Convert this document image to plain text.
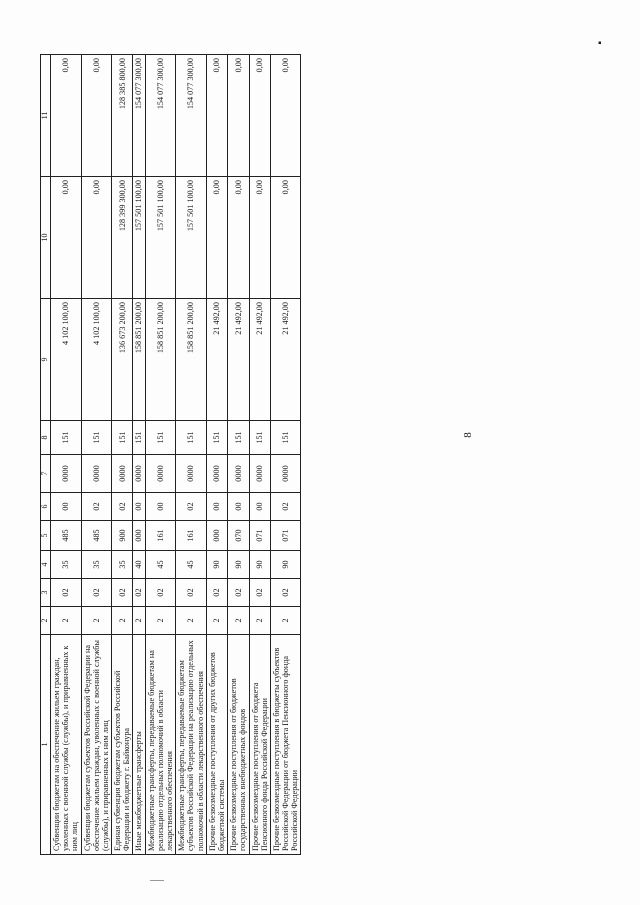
▪
1	2	3	4	5	6	7	8	9	10	11
Субвенции бюджетам на обеспечение жильем граждан, уволенных с военной службы (службы), и приравненных к ним лиц	2	02	35	485	00	0000	151	4 102 100,00	0,00	0,00
Субвенции бюджетам субъектов Российской Федерации на обеспечение жильем граждан, уволенных с военной службы (службы), и приравненных к ним лиц	2	02	35	485	02	0000	151	4 102 100,00	0,00	0,00
Единая субвенция бюджетам субъектов Российской Федерации и бюджету г. Байконура	2	02	35	900	02	0000	151	136 673 200,00	128 399 300,00	128 385 800,00
Иные межбюджетные трансферты	2	02	40	000	00	0000	151	158 851 200,00	157 501 100,00	154 077 300,00
Межбюджетные трансферты, передаваемые бюджетам на реализацию отдельных полномочий в области лекарственного обеспечения	2	02	45	161	00	0000	151	158 851 200,00	157 501 100,00	154 077 300,00
Межбюджетные трансферты, передаваемые бюджетам субъектов Российской Федерации на реализацию отдельных полномочий в области лекарственного обеспечения	2	02	45	161	02	0000	151	158 851 200,00	157 501 100,00	154 077 300,00
Прочие безвозмездные поступления от других бюджетов бюджетной системы	2	02	90	000	00	0000	151	21 492,00	0,00	0,00
Прочие безвозмездные поступления от бюджетов государственных внебюджетных фондов	2	02	90	070	00	0000	151	21 492,00	0,00	0,00
Прочие безвозмездные поступления от бюджета Пенсионного фонда Российской Федерации	2	02	90	071	00	0000	151	21 492,00	0,00	0,00
Прочие безвозмездные поступления в бюджеты субъектов Российской Федерации от бюджета Пенсионного фонда Российской Федерации	2	02	90	071	02	0000	151	21 492,00	0,00	0,00
8
